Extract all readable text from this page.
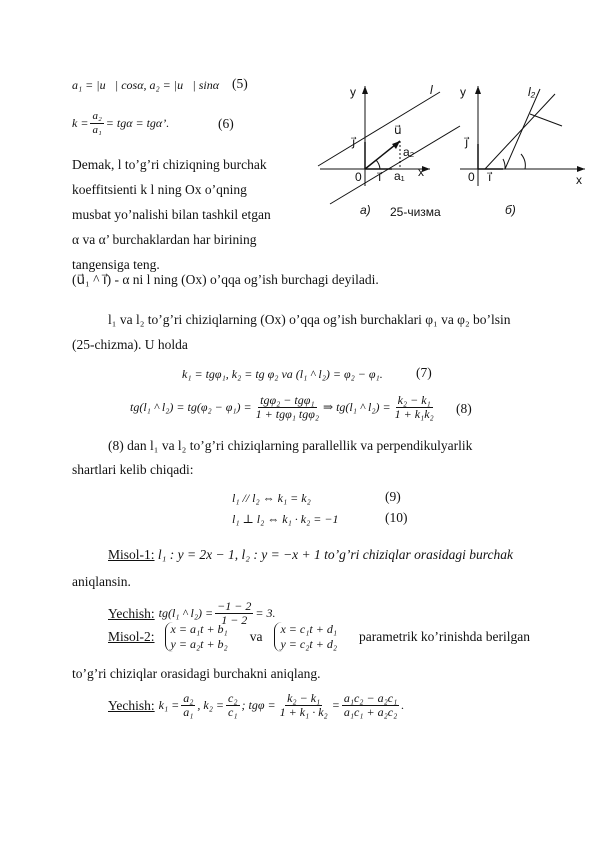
a₁ = |u⃗| cosα, a₂ = |u⃗| sinα (5)
$k = \frac{\text{a₂}}{\text{a₁}} = tg\alpha = tg\alpha$’.	(6)
Demak, l to’g’ri chiziqning burchak
koeffitsienti k l ning Ox o’qning
musbat yo’nalishi bilan tashkil etgan
α va α’ burchaklardan har birining
tangensiga teng.
y
x
l
j⃗
i⃗
u⃗
a₂
a₁
0
y
x
l₂
j⃗
i⃗
0
a) 25-чизма	б)
(u⃗₁ ^ i⃗) - α ni l ning (Ox) o’qqa og’ish burchagi deyiladi.
l₁ va l₂ to’g’ri chiziqlarning (Ox) o’qqa og’ish burchaklari φ₁ va φ₂ bo’lsin
(25-chizma). U holda
k₁ = tgφ₁, k₂ = tg φ₂ va (l₁ ^ l₂) = φ₂ − φ₁. (7)
tg(l₁ ^ $l_2) = tg(\varphi_2 - \varphi_1) = \frac{\text{tgφ₂ − tgφ₁}}{\text{1 + tgφ₁ tgφ₂}}$ ⇒ tg(l₁ ^ $l_2) = \frac{\text{k₂ − k₁}}{\text{1 + k₁k₂}} (8)$
(8) dan l₁ va l₂ to’g’ri chiziqlarning parallellik va perpendikulyarlik
shartlari kelib chiqadi:
l₁ // l₂ ⇔ k₁ = k₂	(9)
l₁ ⊥ l₂ ⇔ k₁ · k₂ = −1	(10)
Misol-1: l₁ : y = 2x − 1, l₂ : y = −x + 1 to’g’ri chiziqlar orasidagi burchak
aniqlansin.
Yechish: tg(l₁ ^ $l_2) = \frac{-1 - 2}{1 - 2} = 3$.
Misol-2: x = a₁t + b₁
y = a₂t + b₂ va x = c₁t + d₁
y = c₂t + d₂ parametrik ko’rinishda berilgan
to’g’ri chiziqlar orasidagi burchakni aniqlang.
Yechish: $k_1 = \frac{\text{a₂}}{\text{a₁}}$ , $k_2 = \frac{\text{c₂}}{\text{c₁}}$ ; $tg\varphi = \frac{\text{k₂ − k₁}}{\text{1 + k₁ · k₂}} = \frac{\text{a₁c₂ − a₂c₁}}{\text{a₁c₁ + a₂c₂}}$ .
